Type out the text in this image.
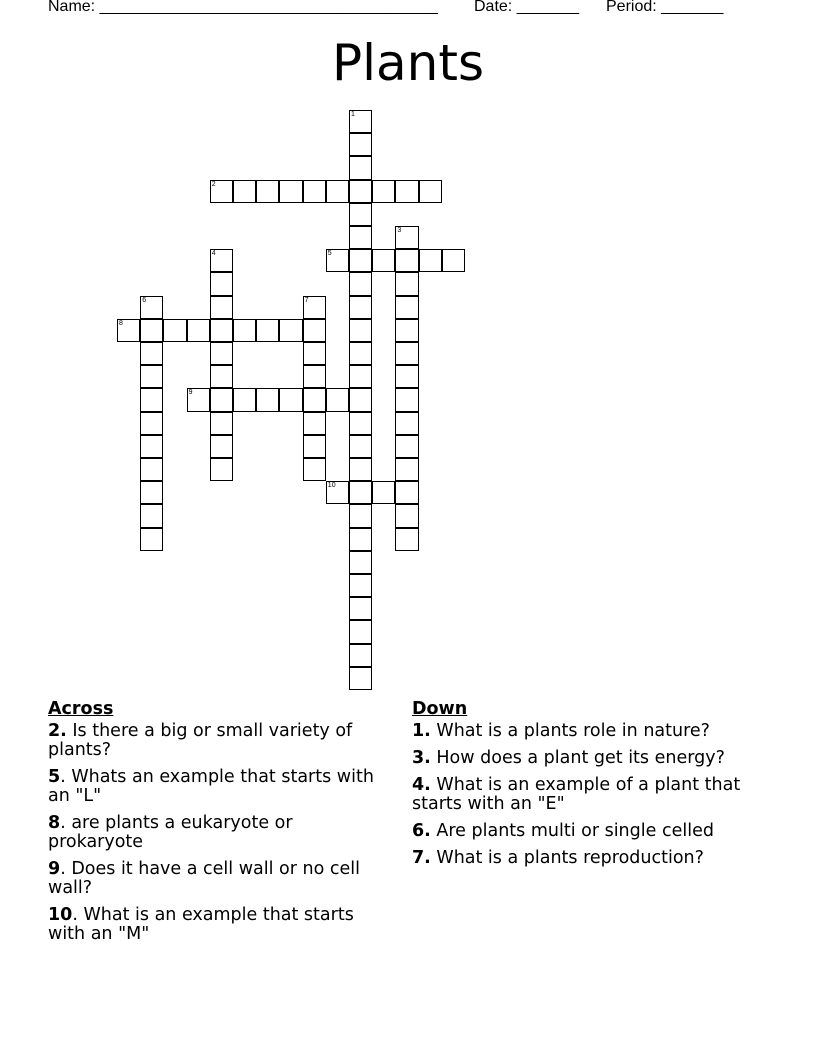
Name: ______________________________________

Date: _______

Period: _______

Plants
1
2
3
4	5
6	7
8
9
10
Across
2. Is there a big or small variety of plants?
5. Whats an example that starts with an "L"
8. are plants a eukaryote or prokaryote
9. Does it have a cell wall or no cell wall?
10. What is an example that starts with an "M"
Down
1. What is a plants role in nature?
3. How does a plant get its energy?
4. What is an example of a plant that starts with an "E"
6. Are plants multi or single celled
7. What is a plants reproduction?
